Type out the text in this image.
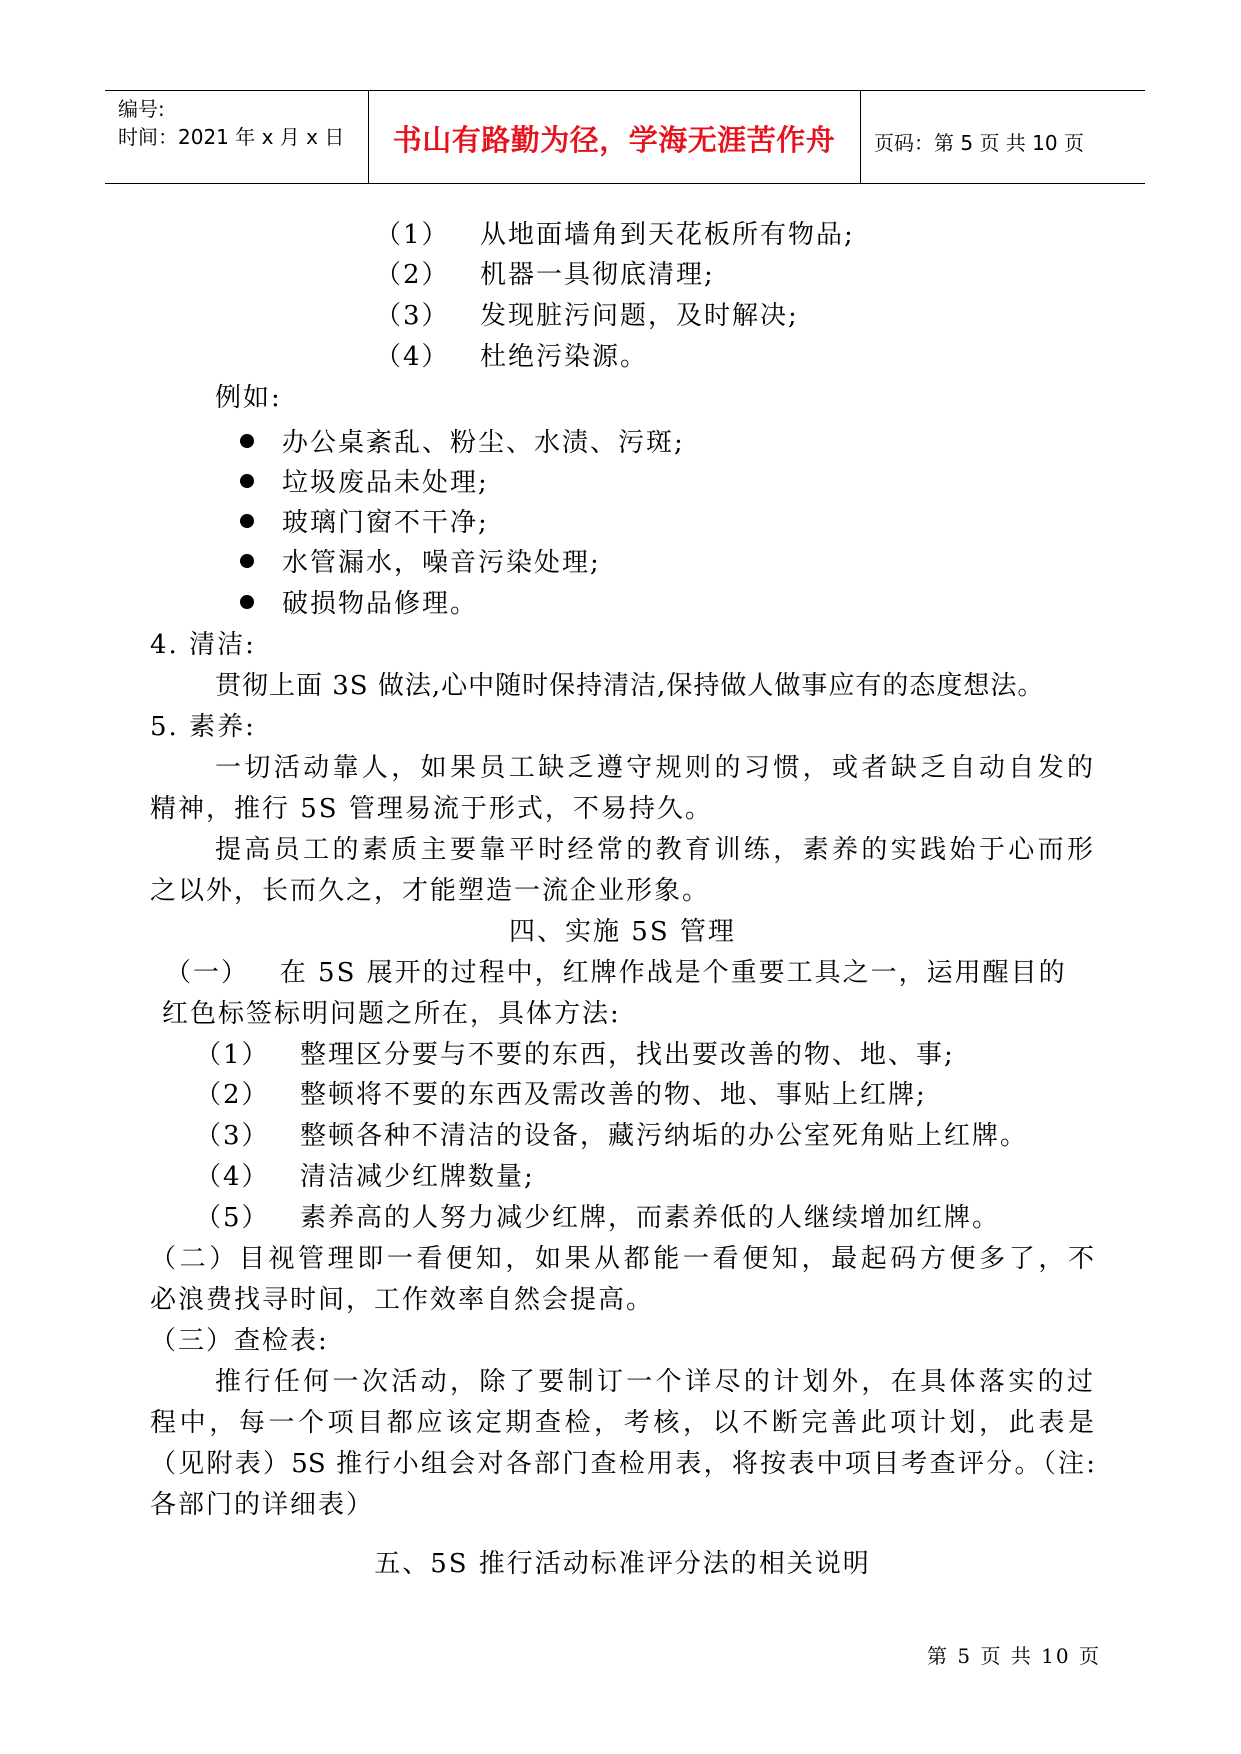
编号:
时间：2021 年 x 月 x 日	书山有路勤为径，学海无涯苦作舟	页码：第 5 页 共 10 页
（1） 从地面墙角到天花板所有物品;
（2） 机器一具彻底清理;
（3） 发现脏污问题，及时解决;
（4） 杜绝污染源。
例如:
办公桌紊乱、粉尘、水渍、污斑;
垃圾废品未处理;
玻璃门窗不干净;
水管漏水，噪音污染处理;
破损物品修理。
4. 清洁:
贯彻上面 3S 做法,心中随时保持清洁,保持做人做事应有的态度想法。
5. 素养:
一切活动靠人，如果员工缺乏遵守规则的习惯，或者缺乏自动自发的
精神，推行 5S 管理易流于形式，不易持久。
提高员工的素质主要靠平时经常的教育训练，素养的实践始于心而形
之以外，长而久之，才能塑造一流企业形象。
四、实施 5S 管理
（一）   在 5S 展开的过程中，红牌作战是个重要工具之一，运用醒目的
红色标签标明问题之所在，具体方法:
（1） 整理区分要与不要的东西，找出要改善的物、地、事;
（2） 整顿将不要的东西及需改善的物、地、事贴上红牌;
（3） 整顿各种不清洁的设备，藏污纳垢的办公室死角贴上红牌。
（4） 清洁减少红牌数量;
（5） 素养高的人努力减少红牌，而素养低的人继续增加红牌。
（二）目视管理即一看便知，如果从都能一看便知，最起码方便多了，不
必浪费找寻时间，工作效率自然会提高。
（三）查检表:
推行任何一次活动，除了要制订一个详尽的计划外，在具体落实的过
程中，每一个项目都应该定期查检，考核，以不断完善此项计划，此表是
（见附表）5S 推行小组会对各部门查检用表，将按表中项目考查评分。（注:
各部门的详细表）
五、5S 推行活动标准评分法的相关说明
第 5 页 共 10 页
